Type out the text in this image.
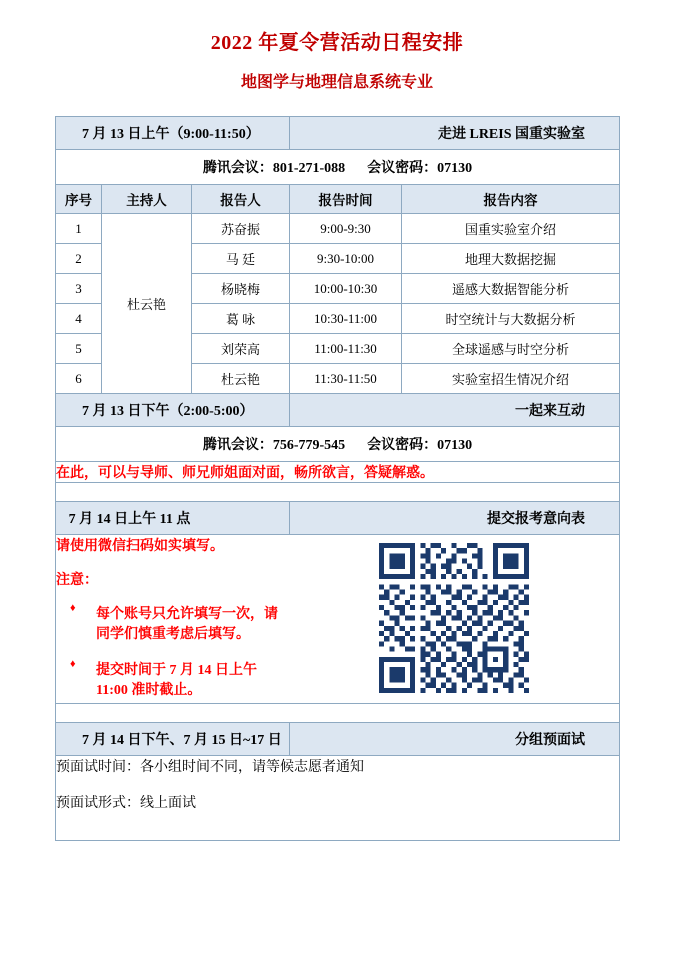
2022 年夏令营活动日程安排
地图学与地理信息系统专业
7 月 13 日上午（9:00-11:50）			走进 LREIS 国重实验室	
腾讯会议：801-271-088 会议密码：07130				
序号	主持人	报告人	报告时间	报告内容
1	杜云艳	苏奋振	9:00-9:30	国重实验室介绍
2		马 廷	9:30-10:00	地理大数据挖掘
3		杨晓梅	10:00-10:30	遥感大数据智能分析
4		葛 咏	10:30-11:00	时空统计与大数据分析
5		刘荣高	11:00-11:30	全球遥感与时空分析
6		杜云艳	11:30-11:50	实验室招生情况介绍
7 月 13 日下午（2:00-5:00）			一起来互动	
腾讯会议：756-779-545 会议密码：07130				

在此，可以与导师、师兄师姐面对面，畅所欲言，答疑解惑。				

7 月 14 日上午 11 点			提交报考意向表	

请使用微信扫码如实填写。
注意：
♦ 每个账号只允许填写一次，请同学们慎重考虑后填写。
♦ 提交时间于 7 月 14 日上午 11:00 准时截止。

7 月 14 日下午、7 月 15 日~17 日			分组预面试	

预面试时间：各小组时间不同，请等候志愿者通知
预面试形式：线上面试				
